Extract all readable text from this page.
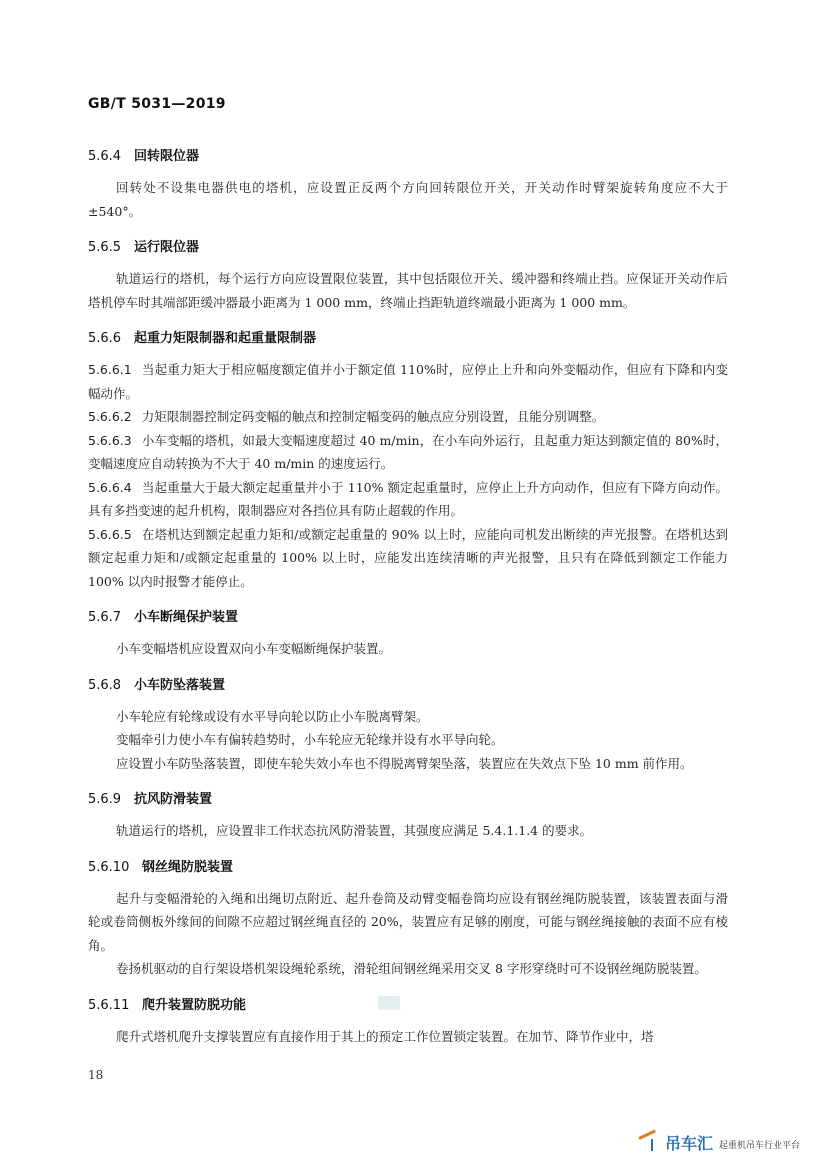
GB/T 5031—2019
5.6.4 回转限位器

回转处不设集电器供电的塔机，应设置正反两个方向回转限位开关，开关动作时臂架旋转角度应不大于±540°。

5.6.5 运行限位器

轨道运行的塔机，每个运行方向应设置限位装置，其中包括限位开关、缓冲器和终端止挡。应保证开关动作后塔机停车时其端部距缓冲器最小距离为 1 000 mm，终端止挡距轨道终端最小距离为 1 000 mm。

5.6.6 起重力矩限制器和起重量限制器

5.6.6.1 当起重力矩大于相应幅度额定值并小于额定值 110%时，应停止上升和向外变幅动作，但应有下降和内变幅动作。

5.6.6.2 力矩限制器控制定码变幅的触点和控制定幅变码的触点应分别设置，且能分别调整。

5.6.6.3 小车变幅的塔机，如最大变幅速度超过 40 m/min，在小车向外运行，且起重力矩达到额定值的 80%时，变幅速度应自动转换为不大于 40 m/min 的速度运行。

5.6.6.4 当起重量大于最大额定起重量并小于 110% 额定起重量时，应停止上升方向动作，但应有下降方向动作。具有多挡变速的起升机构，限制器应对各挡位具有防止超载的作用。

5.6.6.5 在塔机达到额定起重力矩和/或额定起重量的 90% 以上时，应能向司机发出断续的声光报警。在塔机达到额定起重力矩和/或额定起重量的 100% 以上时，应能发出连续清晰的声光报警，且只有在降低到额定工作能力 100% 以内时报警才能停止。

5.6.7 小车断绳保护装置

小车变幅塔机应设置双向小车变幅断绳保护装置。

5.6.8 小车防坠落装置

小车轮应有轮缘或设有水平导向轮以防止小车脱离臂架。

变幅牵引力使小车有偏转趋势时，小车轮应无轮缘并设有水平导向轮。

应设置小车防坠落装置，即使车轮失效小车也不得脱离臂架坠落，装置应在失效点下坠 10 mm 前作用。

5.6.9 抗风防滑装置

轨道运行的塔机，应设置非工作状态抗风防滑装置，其强度应满足 5.4.1.1.4 的要求。

5.6.10 钢丝绳防脱装置

起升与变幅滑轮的入绳和出绳切点附近、起升卷筒及动臂变幅卷筒均应设有钢丝绳防脱装置，该装置表面与滑轮或卷筒侧板外缘间的间隙不应超过钢丝绳直径的 20%，装置应有足够的刚度，可能与钢丝绳接触的表面不应有棱角。

卷扬机驱动的自行架设塔机架设绳轮系统，滑轮组间钢丝绳采用交叉 8 字形穿绕时可不设钢丝绳防脱装置。

5.6.11 爬升装置防脱功能

爬升式塔机爬升支撑装置应有直接作用于其上的预定工作位置锁定装置。在加节、降节作业中，塔

18
吊车汇 起重机吊车行业平台
